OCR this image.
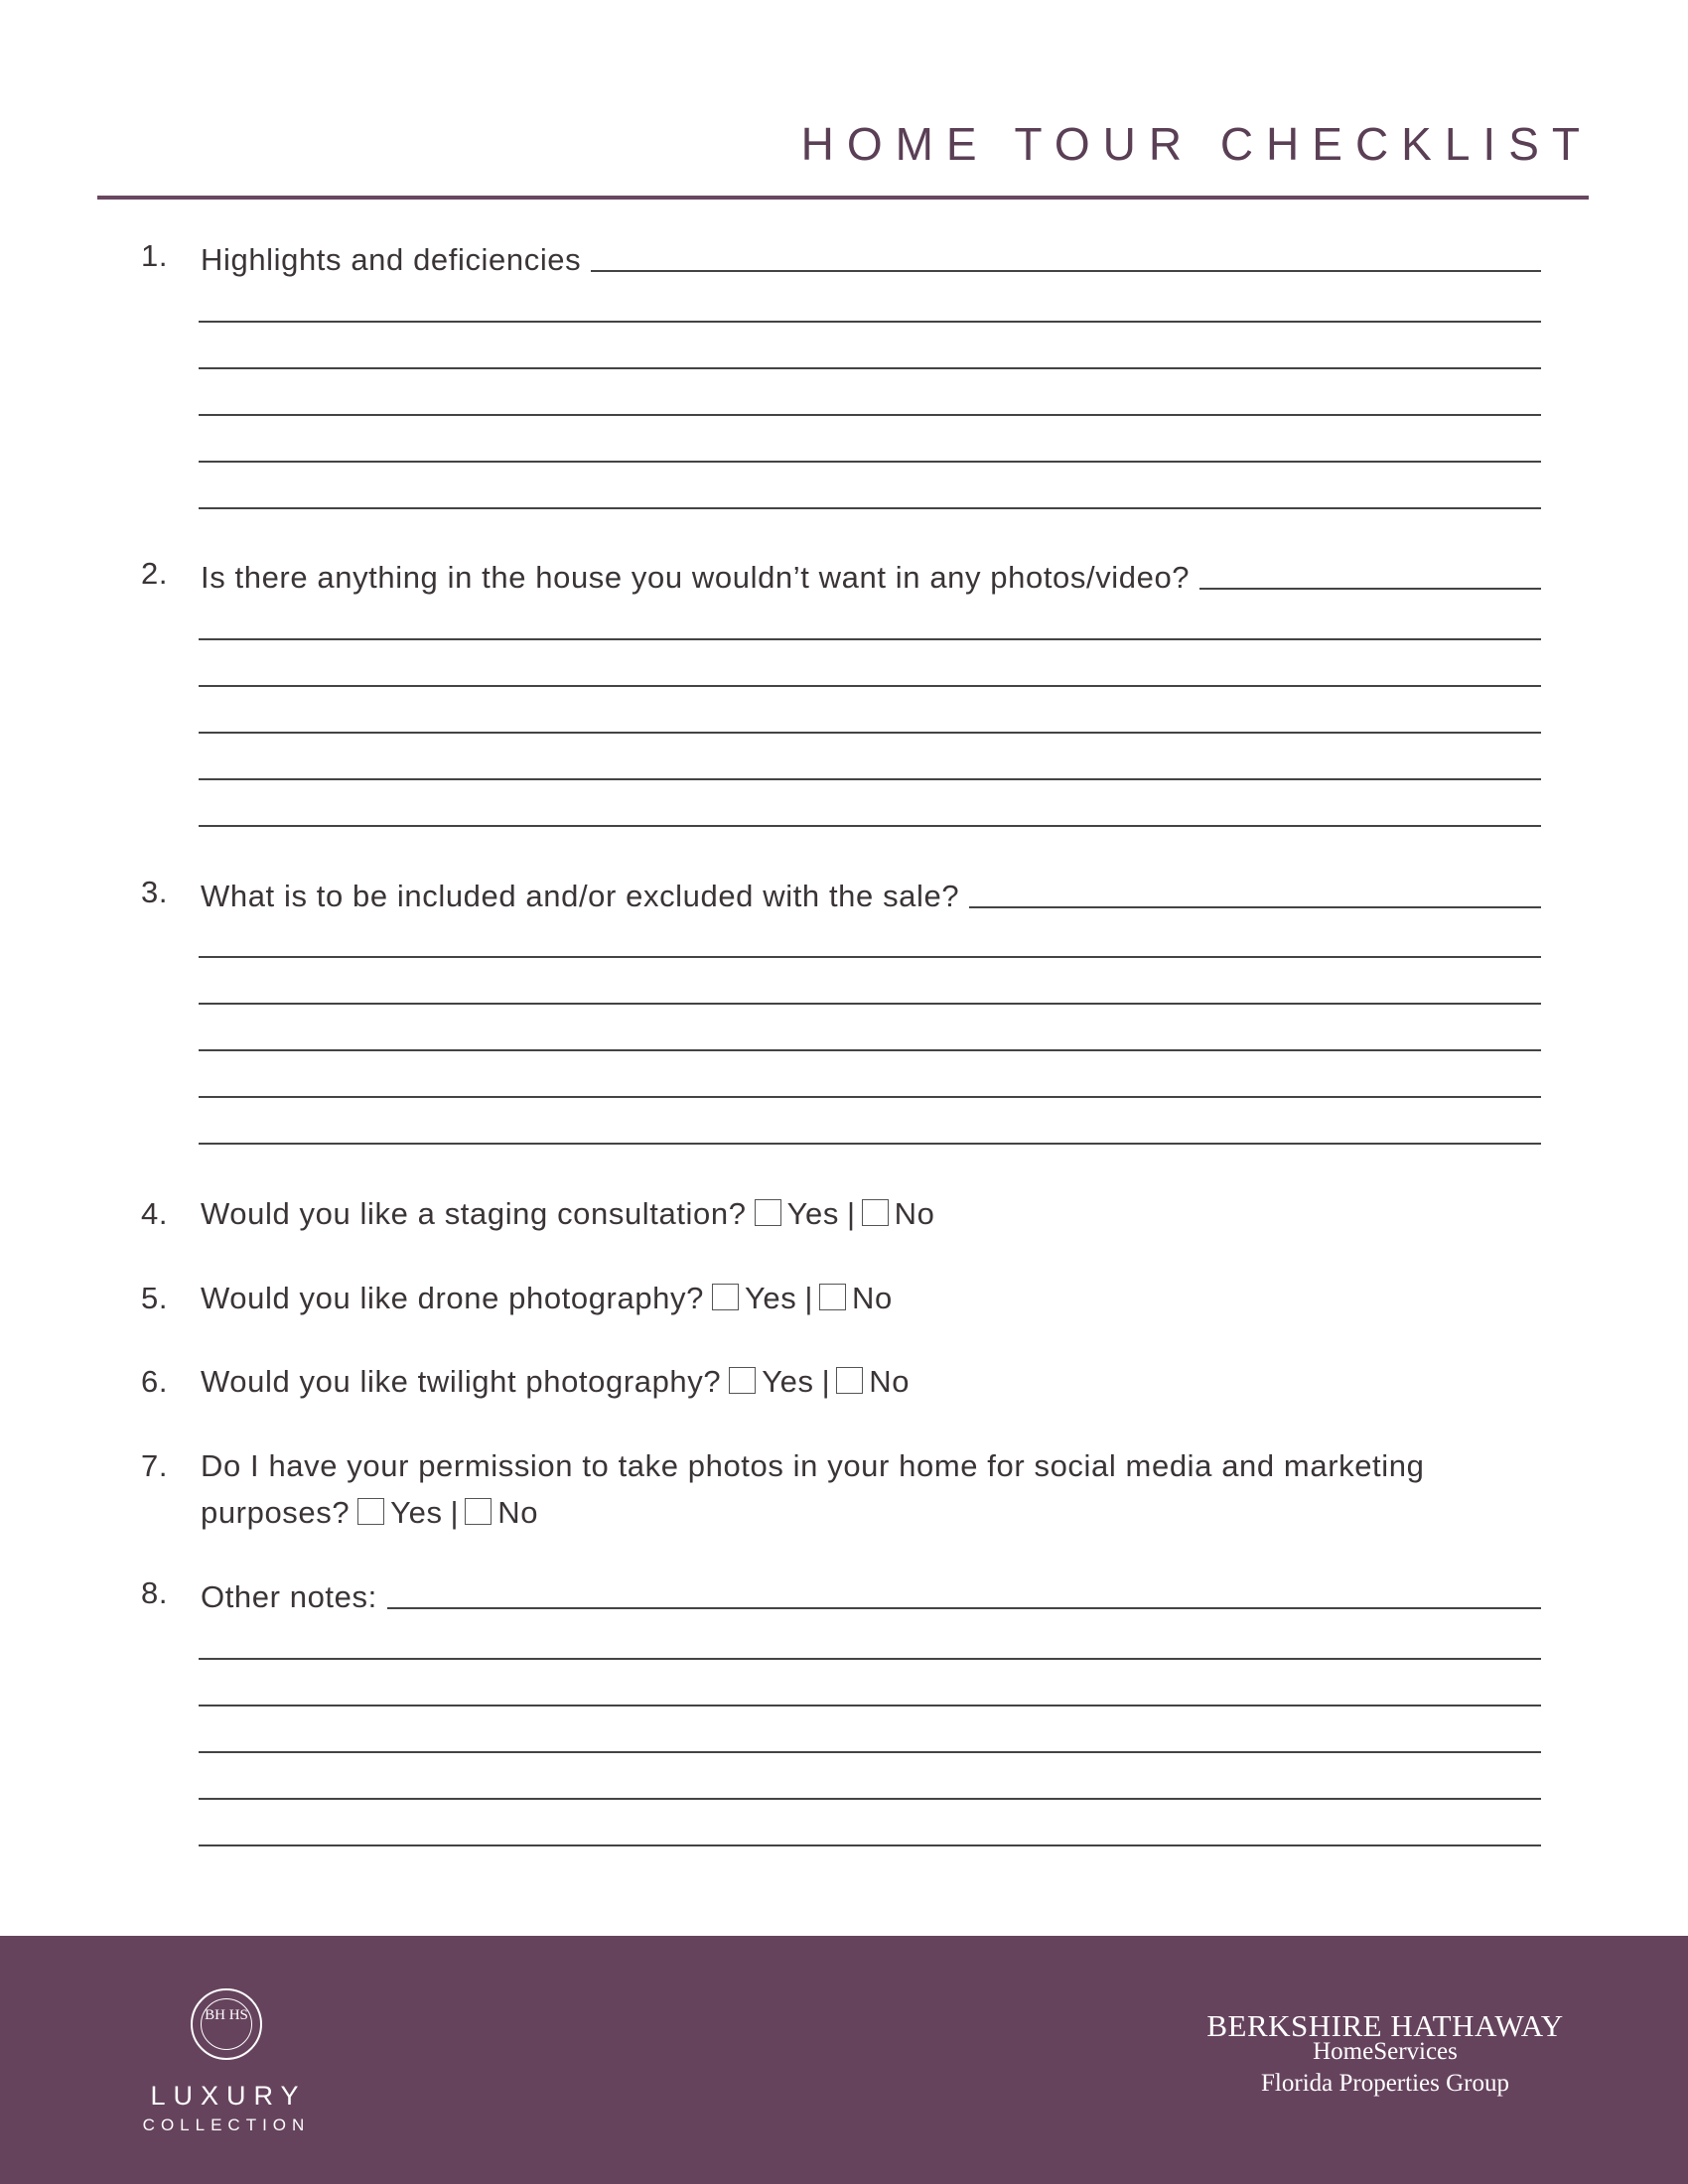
HOME TOUR CHECKLIST
1. Highlights and deficiencies
2. Is there anything in the house you wouldn’t want in any photos/video?
3. What is to be included and/or excluded with the sale?
4. Would you like a staging consultation? Yes | No
5. Would you like drone photography? Yes | No
6. Would you like twilight photography? Yes | No
7. Do I have your permission to take photos in your home for social media and marketing
purposes? Yes | No
8. Other notes:
BH HS
LUXURY
COLLECTION
BERKSHIRE HATHAWAY
HomeServices
Florida Properties Group
